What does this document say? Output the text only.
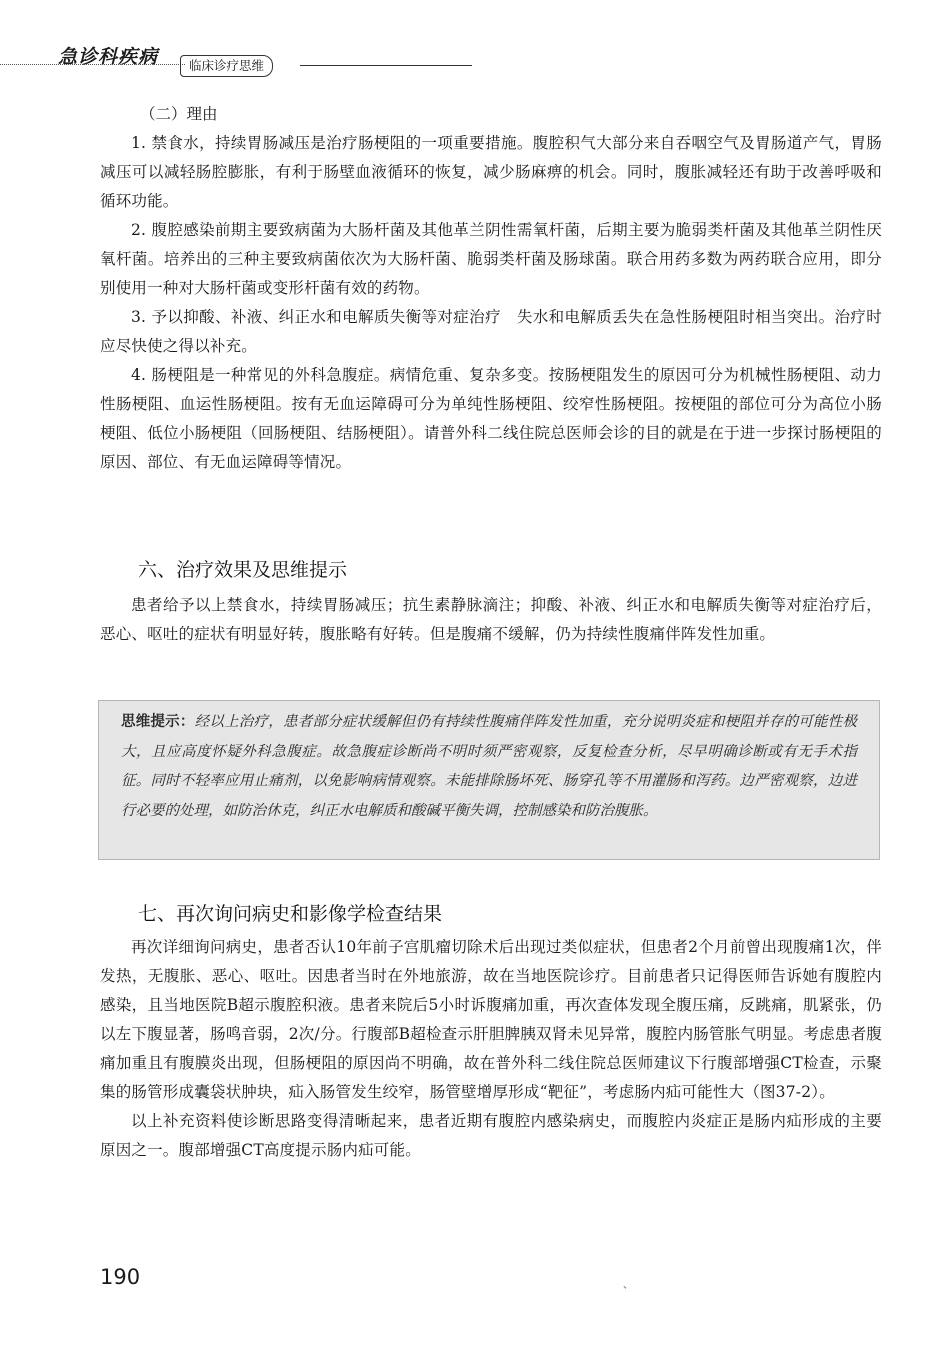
急诊科疾病	临床诊疗思维

（二）理由

1. 禁食水，持续胃肠减压是治疗肠梗阻的一项重要措施。腹腔积气大部分来自吞咽空气及胃肠道产气，胃肠减压可以减轻肠腔膨胀，有利于肠壁血液循环的恢复，减少肠麻痹的机会。同时，腹胀减轻还有助于改善呼吸和循环功能。

2. 腹腔感染前期主要致病菌为大肠杆菌及其他革兰阴性需氧杆菌，后期主要为脆弱类杆菌及其他革兰阴性厌氧杆菌。培养出的三种主要致病菌依次为大肠杆菌、脆弱类杆菌及肠球菌。联合用药多数为两药联合应用，即分别使用一种对大肠杆菌或变形杆菌有效的药物。

3. 予以抑酸、补液、纠正水和电解质失衡等对症治疗　失水和电解质丢失在急性肠梗阻时相当突出。治疗时应尽快使之得以补充。

4. 肠梗阻是一种常见的外科急腹症。病情危重、复杂多变。按肠梗阻发生的原因可分为机械性肠梗阻、动力性肠梗阻、血运性肠梗阻。按有无血运障碍可分为单纯性肠梗阻、绞窄性肠梗阻。按梗阻的部位可分为高位小肠梗阻、低位小肠梗阻（回肠梗阻、结肠梗阻）。请普外科二线住院总医师会诊的目的就是在于进一步探讨肠梗阻的原因、部位、有无血运障碍等情况。

六、治疗效果及思维提示

患者给予以上禁食水，持续胃肠减压；抗生素静脉滴注；抑酸、补液、纠正水和电解质失衡等对症治疗后，恶心、呕吐的症状有明显好转，腹胀略有好转。但是腹痛不缓解，仍为持续性腹痛伴阵发性加重。

思维提示：经以上治疗，患者部分症状缓解但仍有持续性腹痛伴阵发性加重，充分说明炎症和梗阻并存的可能性极大，且应高度怀疑外科急腹症。故急腹症诊断尚不明时须严密观察，反复检查分析，尽早明确诊断或有无手术指征。同时不轻率应用止痛剂，以免影响病情观察。未能排除肠坏死、肠穿孔等不用灌肠和泻药。边严密观察，边进行必要的处理，如防治休克，纠正水电解质和酸碱平衡失调，控制感染和防治腹胀。

七、再次询问病史和影像学检查结果

再次详细询问病史，患者否认10年前子宫肌瘤切除术后出现过类似症状，但患者2个月前曾出现腹痛1次，伴发热，无腹胀、恶心、呕吐。因患者当时在外地旅游，故在当地医院诊疗。目前患者只记得医师告诉她有腹腔内感染，且当地医院B超示腹腔积液。患者来院后5小时诉腹痛加重，再次查体发现全腹压痛，反跳痛，肌紧张，仍以左下腹显著，肠鸣音弱，2次/分。行腹部B超检查示肝胆脾胰双肾未见异常，腹腔内肠管胀气明显。考虑患者腹痛加重且有腹膜炎出现，但肠梗阻的原因尚不明确，故在普外科二线住院总医师建议下行腹部增强CT检查，示聚集的肠管形成囊袋状肿块，疝入肠管发生绞窄，肠管壁增厚形成“靶征”，考虑肠内疝可能性大（图37-2）。

以上补充资料使诊断思路变得清晰起来，患者近期有腹腔内感染病史，而腹腔内炎症正是肠内疝形成的主要原因之一。腹部增强CT高度提示肠内疝可能。

190	、
